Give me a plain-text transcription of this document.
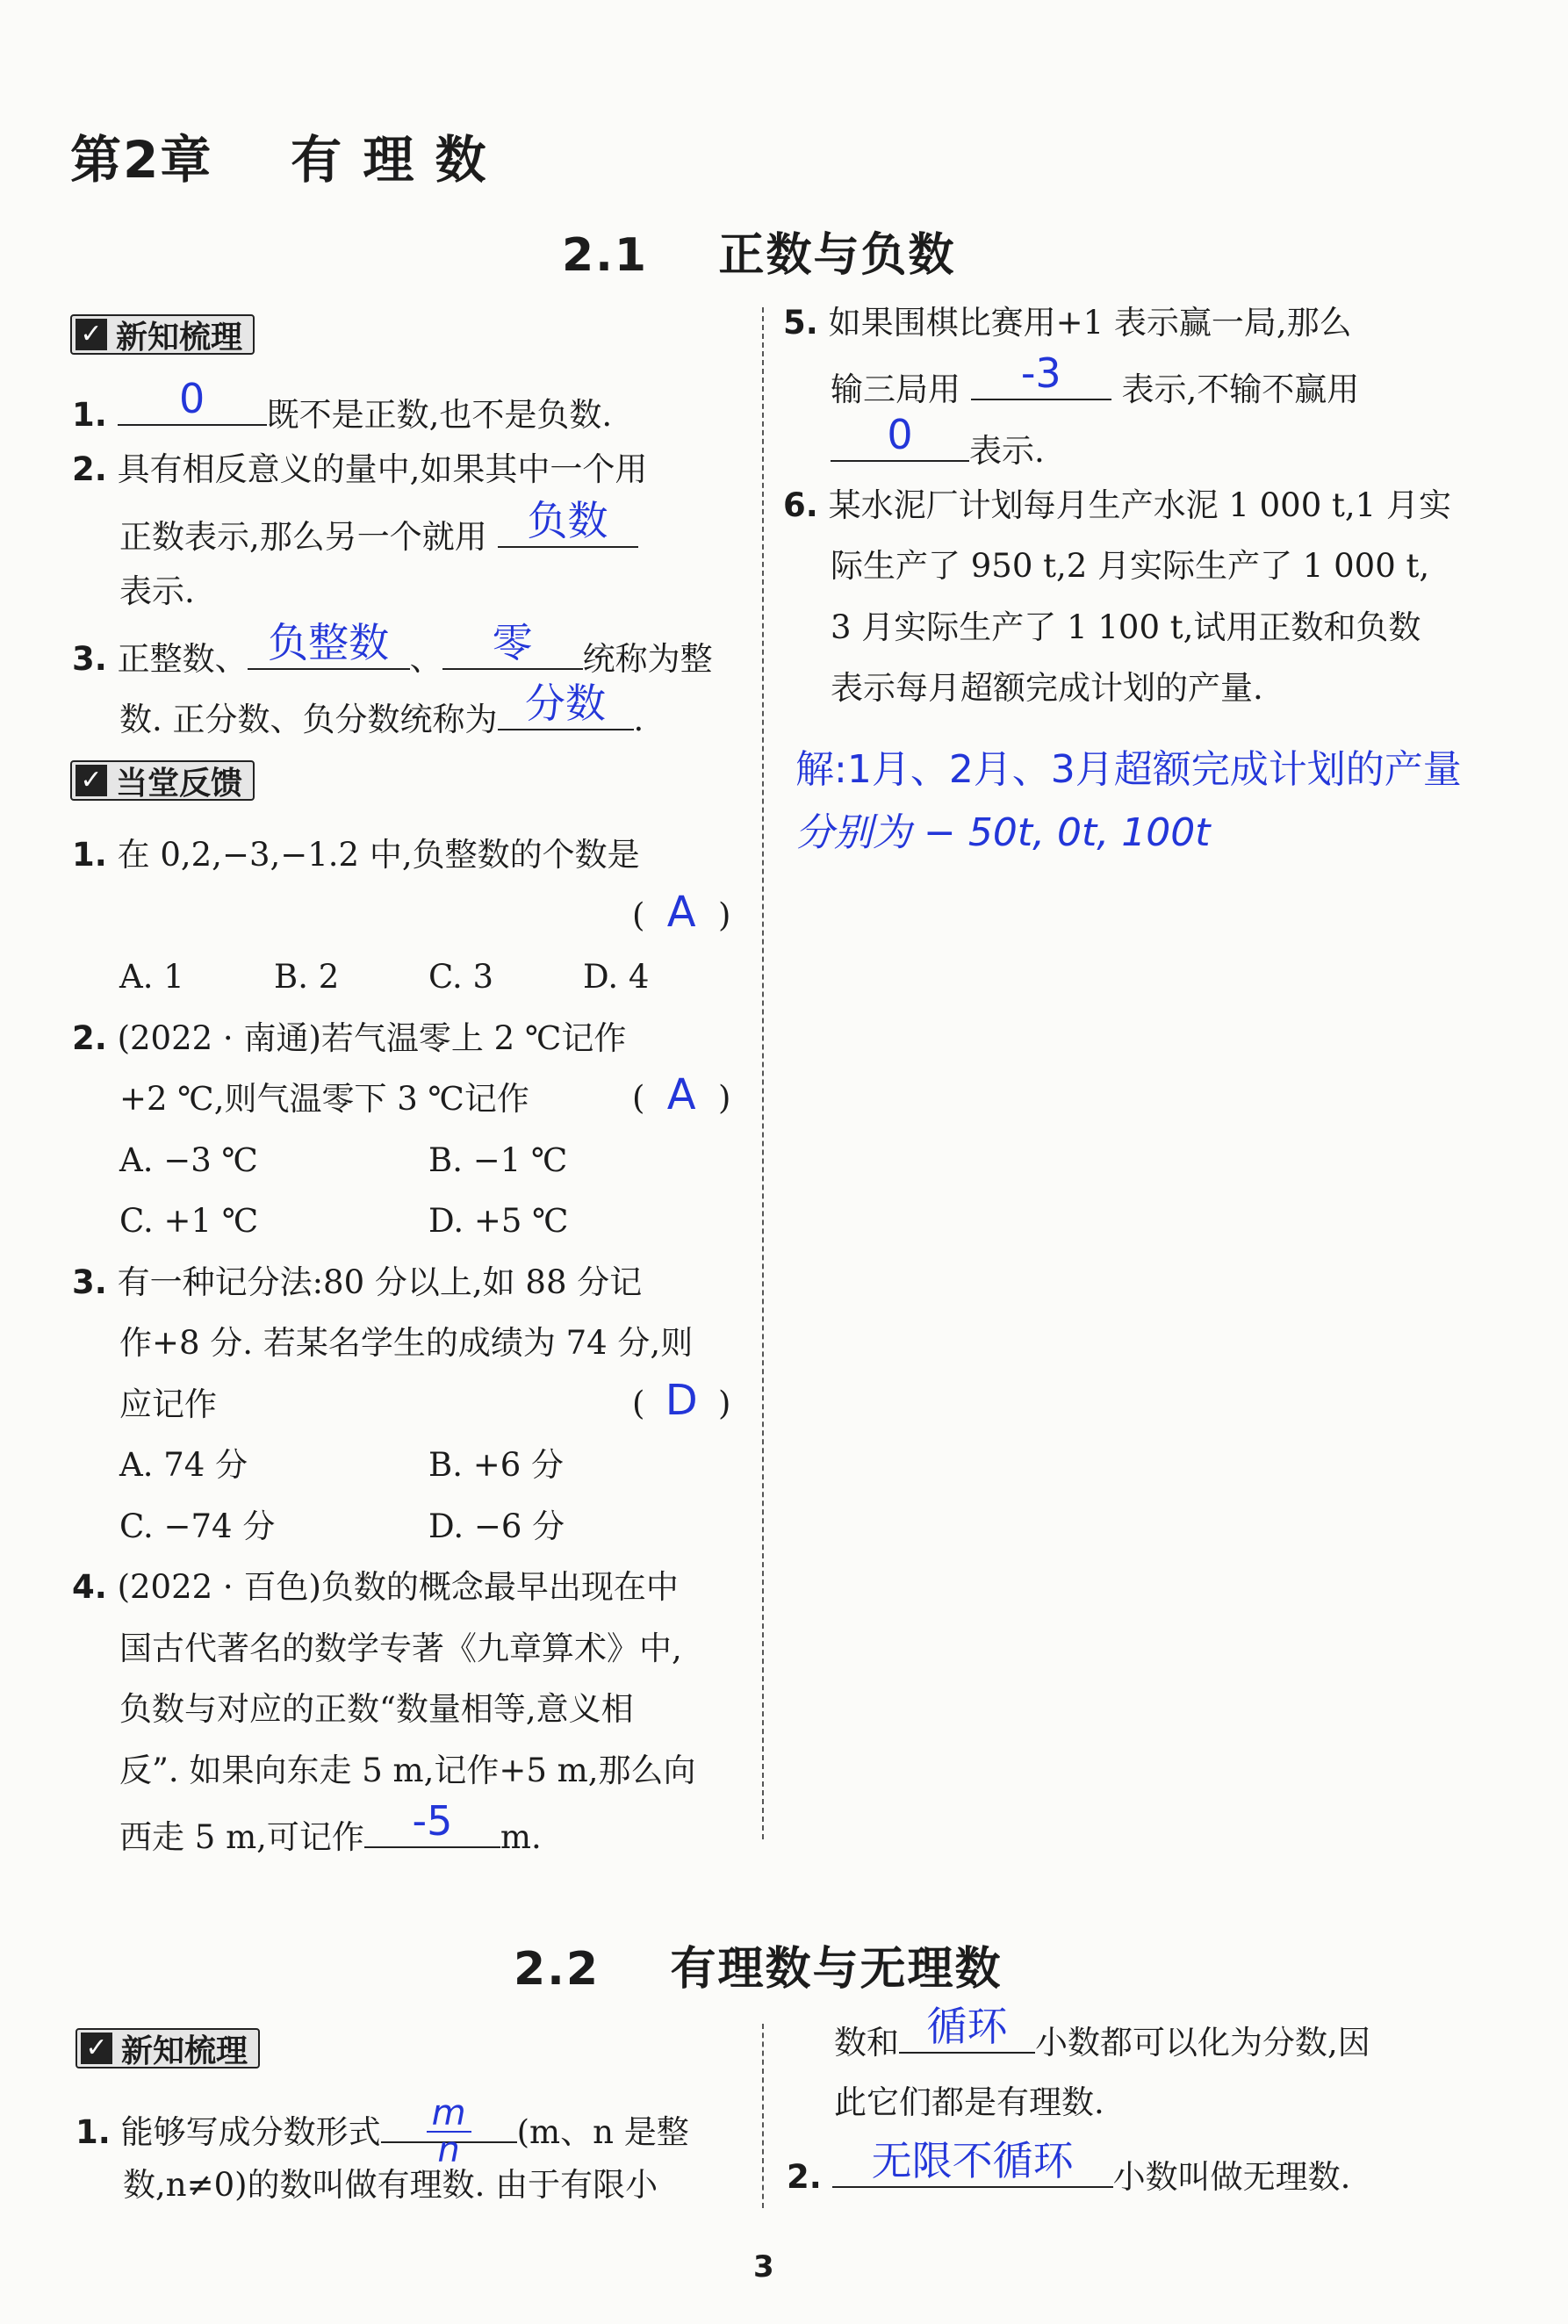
第2章    有 理 数
2.1    正数与负数
✓ 新知梳理
1.	0	既不是正数,也不是负数.
2. 具有相反意义的量中,如果其中一个用
正数表示,那么另一个就用 负数
表示.
3. 正整数、 负整数 、	零	统称为整
数. 正分数、负分数统称为 分数 .
✓ 当堂反馈
1. 在 0,2,−3,−1.2 中,负整数的个数是
( A )
A. 1	B. 2	C. 3	D. 4
2. (2022 · 南通)若气温零上 2 ℃记作
+2 ℃,则气温零下 3 ℃记作	( A )
A. −3 ℃	B. −1 ℃
C. +1 ℃	D. +5 ℃
3. 有一种记分法:80 分以上,如 88 分记
作+8 分. 若某名学生的成绩为 74 分,则
应记作	( D )
A. 74 分	B. +6 分
C. −74 分	D. −6 分
4. (2022 · 百色)负数的概念最早出现在中
国古代著名的数学专著《九章算术》中,
负数与对应的正数“数量相等,意义相
反”. 如果向东走 5 m,记作+5 m,那么向
西走 5 m,可记作	-5	m.
5. 如果围棋比赛用+1 表示赢一局,那么
输三局用	-3	表示,不输不赢用
0	表示.
6. 某水泥厂计划每月生产水泥 1 000 t,1 月实
际生产了 950 t,2 月实际生产了 1 000 t,
3 月实际生产了 1 100 t,试用正数和负数
表示每月超额完成计划的产量.
解:1月、2月、3月超额完成计划的产量
分别为 − 50t, 0t, 100t
2.2    有理数与无理数
✓ 新知梳理
1. 能够写成分数形式 $\frac{m}{n} (m$、n 是整
数,n≠0)的数叫做有理数. 由于有限小
数和 循环 小数都可以化为分数,因
此它们都是有理数.
2.	无限不循环	小数叫做无理数.
3
